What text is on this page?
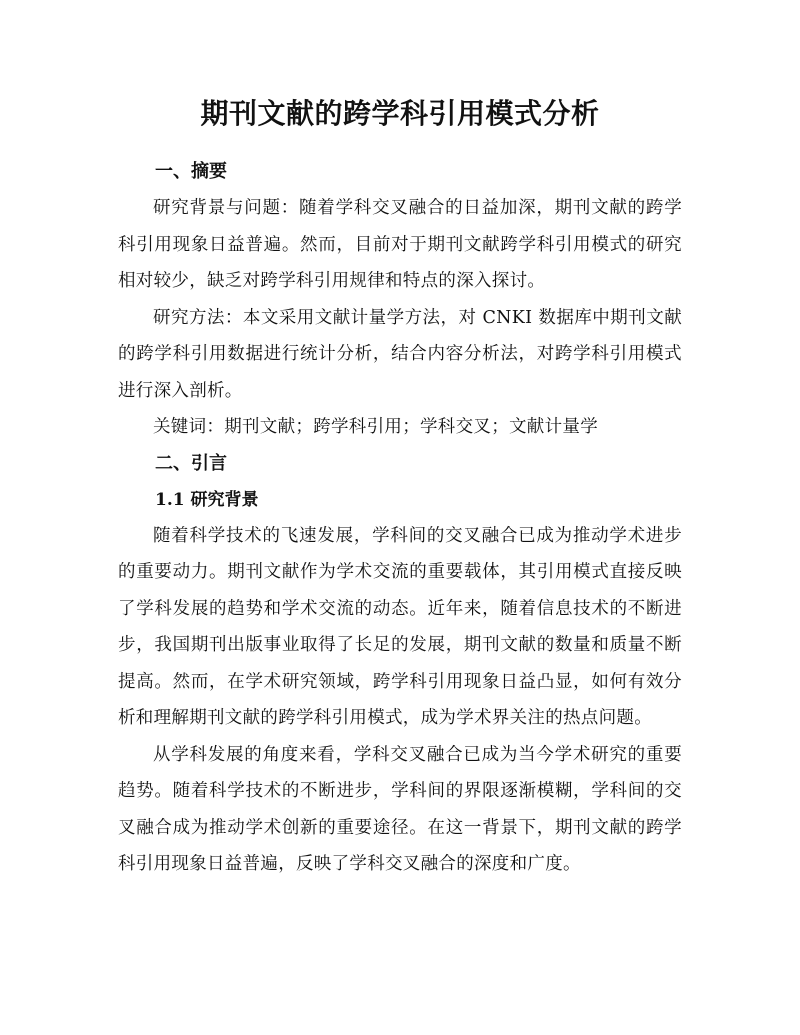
期刊文献的跨学科引用模式分析
一、摘要

研究背景与问题：随着学科交叉融合的日益加深，期刊文献的跨学科引用现象日益普遍。然而，目前对于期刊文献跨学科引用模式的研究相对较少，缺乏对跨学科引用规律和特点的深入探讨。

研究方法：本文采用文献计量学方法，对 CNKI 数据库中期刊文献的跨学科引用数据进行统计分析，结合内容分析法，对跨学科引用模式进行深入剖析。

关键词：期刊文献；跨学科引用；学科交叉；文献计量学

二、引言
1.1 研究背景

随着科学技术的飞速发展，学科间的交叉融合已成为推动学术进步的重要动力。期刊文献作为学术交流的重要载体，其引用模式直接反映了学科发展的趋势和学术交流的动态。近年来，随着信息技术的不断进步，我国期刊出版事业取得了长足的发展，期刊文献的数量和质量不断提高。然而，在学术研究领域，跨学科引用现象日益凸显，如何有效分析和理解期刊文献的跨学科引用模式，成为学术界关注的热点问题。

从学科发展的角度来看，学科交叉融合已成为当今学术研究的重要趋势。随着科学技术的不断进步，学科间的界限逐渐模糊，学科间的交叉融合成为推动学术创新的重要途径。在这一背景下，期刊文献的跨学科引用现象日益普遍，反映了学科交叉融合的深度和广度。
